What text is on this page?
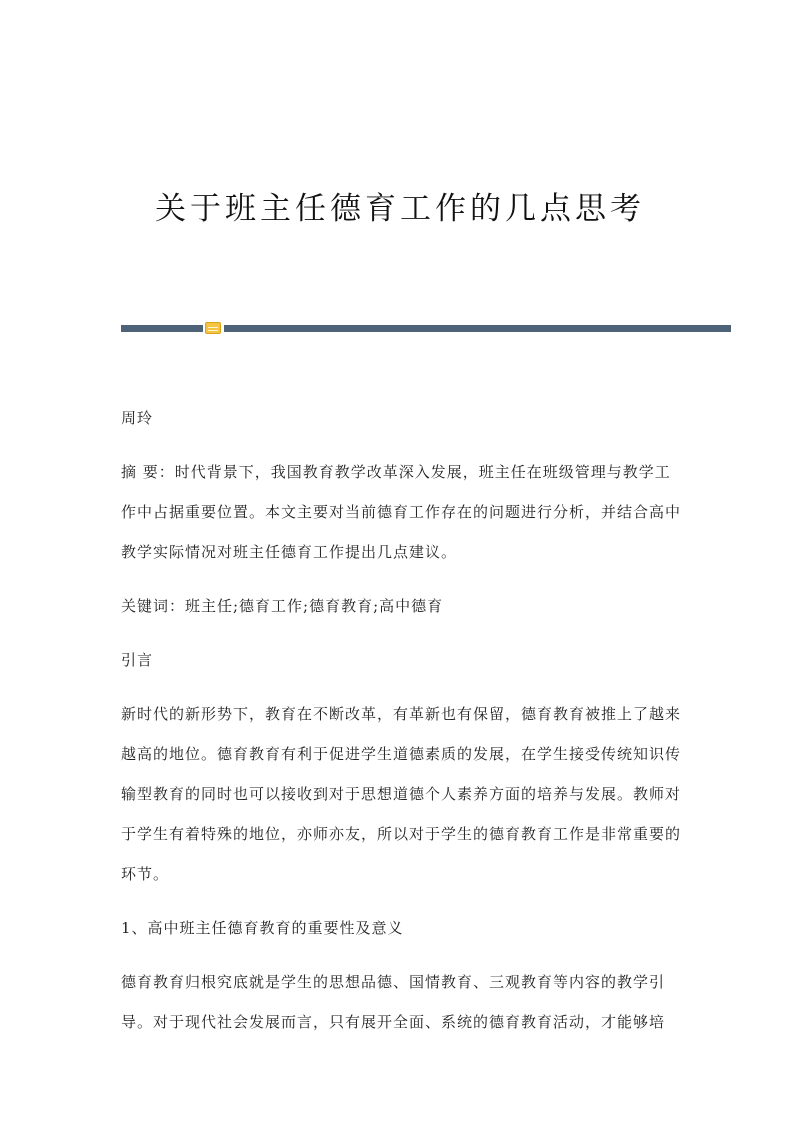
关于班主任德育工作的几点思考

周玲

摘 要：时代背景下，我国教育教学改革深入发展，班主任在班级管理与教学工作中占据重要位置。本文主要对当前德育工作存在的问题进行分析，并结合高中教学实际情况对班主任德育工作提出几点建议。

关键词：班主任;德育工作;德育教育;高中德育

引言

新时代的新形势下，教育在不断改革，有革新也有保留，德育教育被推上了越来越高的地位。德育教育有利于促进学生道德素质的发展，在学生接受传统知识传输型教育的同时也可以接收到对于思想道德个人素养方面的培养与发展。教师对于学生有着特殊的地位，亦师亦友，所以对于学生的德育教育工作是非常重要的环节。

1、高中班主任德育教育的重要性及意义

德育教育归根究底就是学生的思想品德、国情教育、三观教育等内容的教学引导。对于现代社会发展而言，只有展开全面、系统的德育教育活动，才能够培
